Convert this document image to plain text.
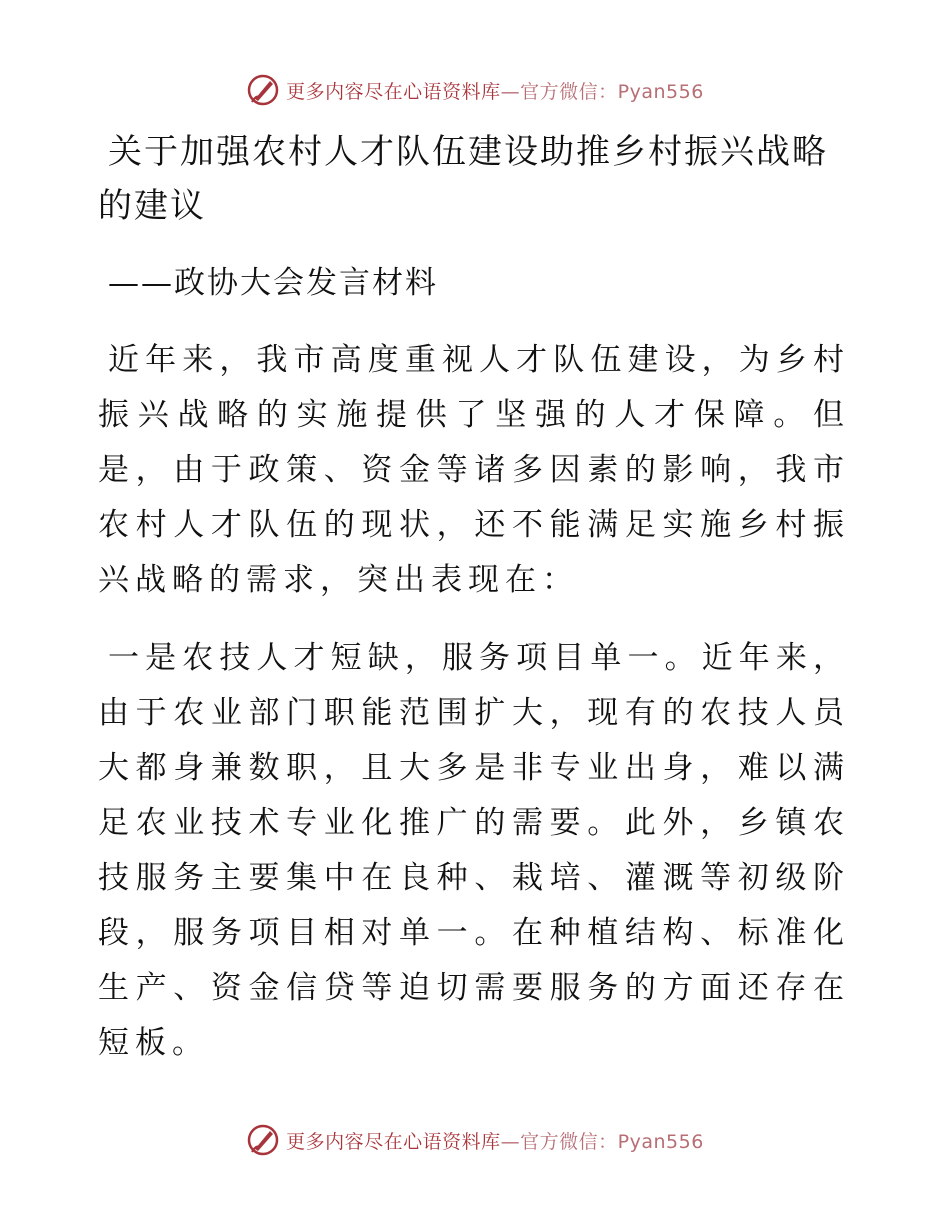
更多内容尽在心语资料库—官方微信：Pyan556
关于加强农村人才队伍建设助推乡村振兴战略的建议

——政协大会发言材料

近年来，我市高度重视人才队伍建设，为乡村振兴战略的实施提供了坚强的人才保障。但是，由于政策、资金等诸多因素的影响，我市农村人才队伍的现状，还不能满足实施乡村振兴战略的需求，突出表现在：

一是农技人才短缺，服务项目单一。近年来，由于农业部门职能范围扩大，现有的农技人员大都身兼数职，且大多是非专业出身，难以满足农业技术专业化推广的需要。此外，乡镇农技服务主要集中在良种、栽培、灌溉等初级阶段，服务项目相对单一。在种植结构、标准化生产、资金信贷等迫切需要服务的方面还存在短板。

更多内容尽在心语资料库—官方微信：Pyan556
